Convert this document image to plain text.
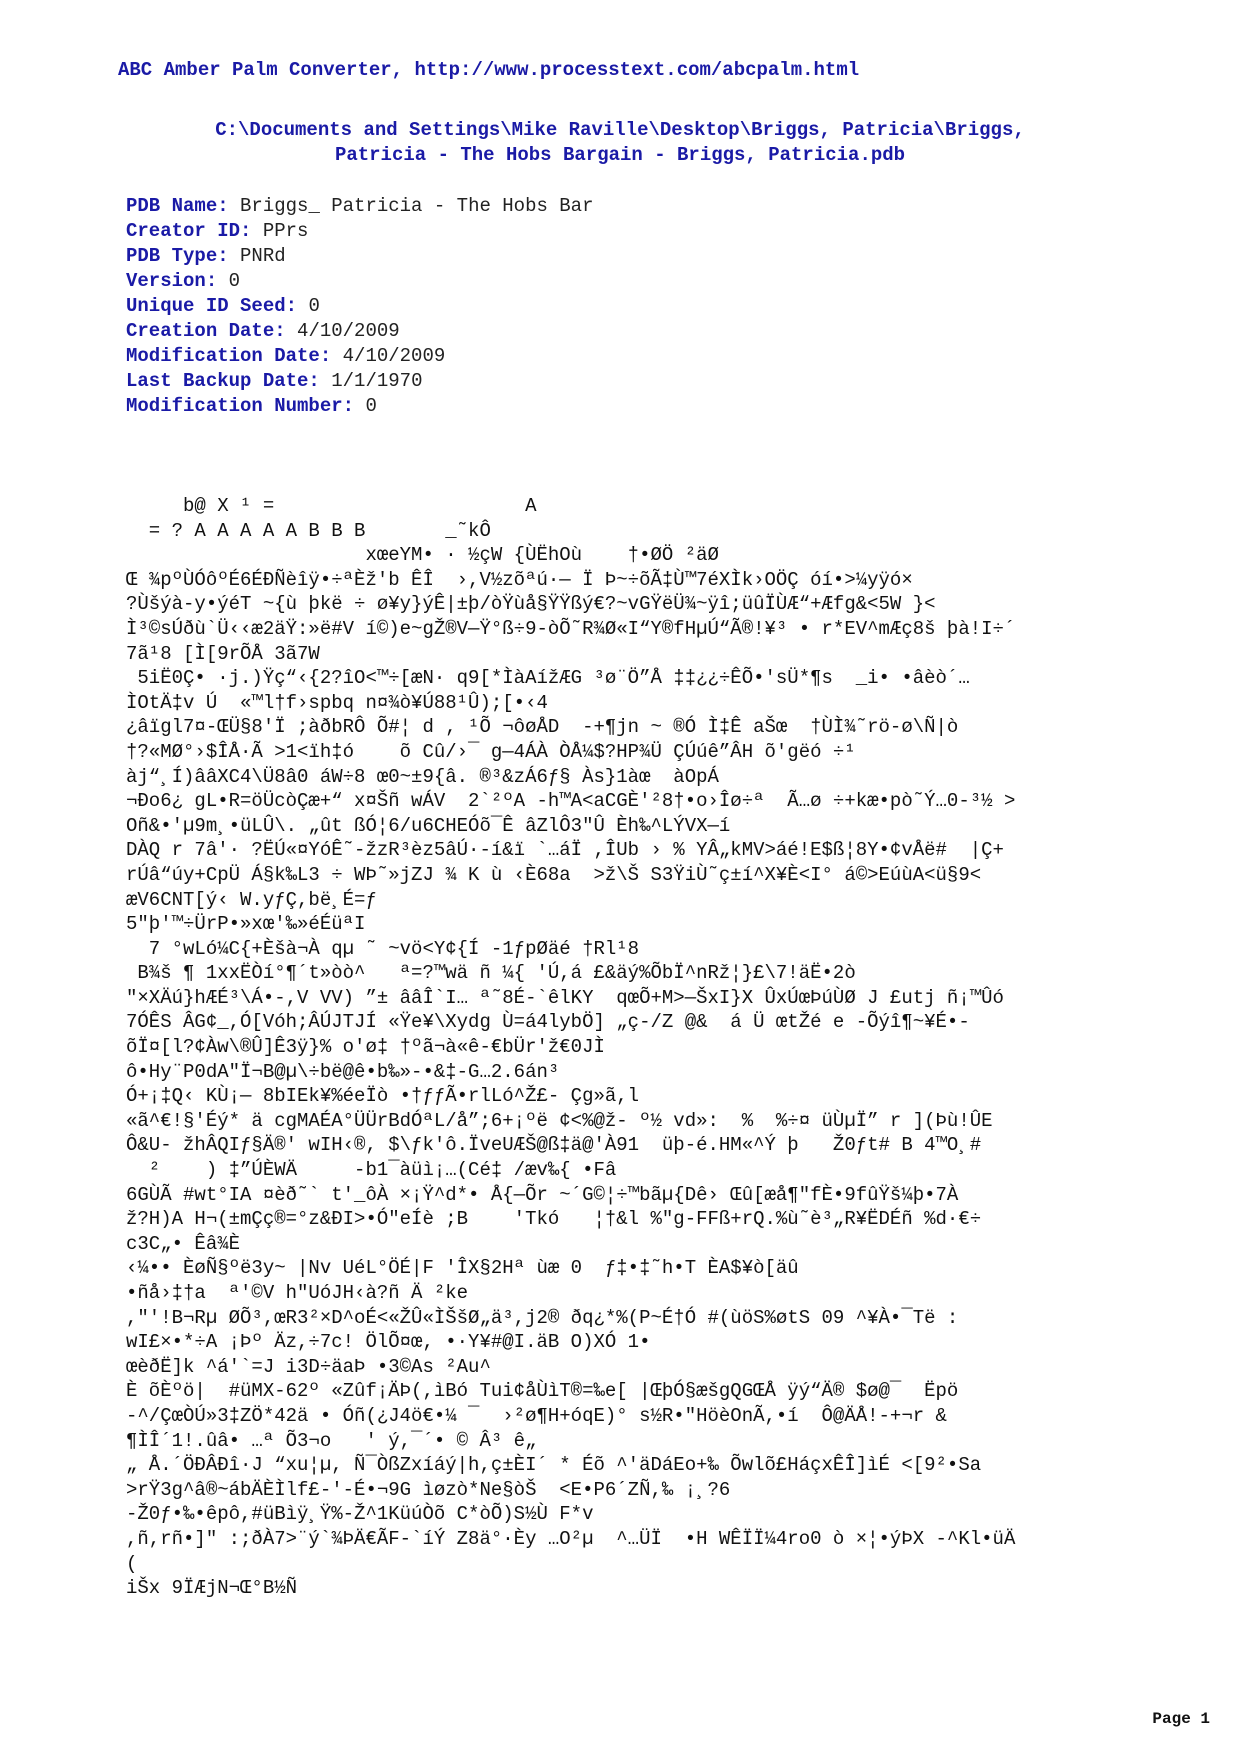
ABC Amber Palm Converter, http://www.processtext.com/abcpalm.html
C:\Documents and Settings\Mike Raville\Desktop\Briggs, Patricia\Briggs,
Patricia - The Hobs Bargain - Briggs, Patricia.pdb
PDB Name: Briggs_ Patricia - The Hobs Bar
Creator ID: PPrs
PDB Type: PNRd
Version: 0
Unique ID Seed: 0
Creation Date: 4/10/2009
Modification Date: 4/10/2009
Last Backup Date: 1/1/1970
Modification Number: 0
b@ X ¹ =                      A
= ? A A A A A B B B       _˜kÔ
xœeYM• · ½çW {ÙËhOù    †•ØÖ ²äØ
Œ ¾pºÙÓôºÉ6ÉÐÑèîÿ•÷ªÈž'b ÊÎ  ›,V½zõªú·— Ï Þ~÷õÃ‡Ù™7éXÌk›OÖÇ óí•>¼yÿó×
?Ùšýà-y•ýéT ~{ù þkë ÷ ø¥y}ýÊ|±þ/òŸùå§ŸŸßý€?~vGŸëÜ¾~ÿî;üûÏÙÆ“+Æfg&<5W }<
Ì³©sÚðù`Ü‹‹æ2äŸ:»ë#V í©)e~gŽ®V—Ÿ°ß÷9-òÕ˜R¾Ø«I“Y®fHµÚ“Ã®!¥³ • r*EV^mÆç8š þà!I÷´
7ã¹8 [Ì[9rÕÅ 3ã7W
5iË0Ç• ·j.)Ÿç“‹{2?îO<™÷[æN· q9[*ÌàAížÆG ³ø¨Ö”Å ‡‡¿¿÷ÊÕ•'sÜ*¶s  _i• •âèò´…
ÌOtÄ‡v Ú  «™l†f›spbq n¤¾ò¥Ú88¹Û);[•‹4
¿âïgl7¤-ŒÜ§8'Ï ;àðbRÔ Õ#¦ d , ¹Õ ¬ôøÅD  -+¶jn ~ ®Ó Ì‡Ê aŠœ  †ÙÌ¾˜rö-ø\Ñ|ò
†?«MØ°›$ÎÅ·Ã >1<ïh‡ó    õ Cû/›¯ g—4ÁÀ ÒÅ¼$?HP¾Ü ÇÚúê”ÂH õ'gëó ÷¹
àj“¸Í)ââXC4\Ü8â0 áW÷8 œ0~±9{â. ®³&zÁ6ƒ§ Às}1àœ  àOpÁ
¬Ðo6¿ gL•R=öÜcòÇæ+“ x¤Šñ wÁV  2`²ºA -h™A<aCGÈ'²8†•o›Îø÷ª  Ã…ø ÷+kæ•pò˜Ý…0-³½ >
Oñ&•'µ9m¸•üLÛ\. „ût ßÓ¦6/u6CHEÓõ¯Ê âZlÔ3"Û Èh‰^LÝVX—í
DÀQ r 7â'· ?ËÚ«¤YóÊ˜-žzR³èz5âÚ·-í&ï `…áÏ ,ÎUb › % YÂ„kMV>áé!E$ß¦8Y•¢vÅë#  |Ç+
rÚâ“úy+CpÜ Á§k‰L3 ÷ WÞ˜»jZJ ¾ K ù ‹È68a  >ž\Š S3ŸiÙ˜ç±í^X¥È<I° á©>EúùA<ü§9<
æV6CNT[ý‹ W.yƒÇ,bë¸É=ƒ
5"þ'™÷ÜrP•»xœ'‰»éÉüªI
7 °wLó¼C{+Èšà¬À qµ ˜ ~vö<Y¢{Í -1ƒpØäé †Rl¹8
B¾š ¶ 1xxËÒí°¶´t»òò^   ª=?™wä ñ ¼{ 'Ú,á £&äý%ÕbÏ^nRž¦}£\7!äË•2ò
"×XÄú}hÆÉ³\Á•-,V VV) ”± ââÎ`I… ª˜8É-`êlKY  qœÕ+M>—ŠxI}X ÛxÚœÞúÙØ J £utj ñ¡™Ûó
7ÓÊS ÂG¢_,Ó[Vóh;ÂÚJTJÍ «Ÿe¥\Xydg Ù=á4lybÖ] „ç-/Z @&  á Ü œtŽé e -Õýî¶~¥É•-
õÏ¤[l?¢Àw\®Û]Ê3ÿ}% o'ø‡ †ºã¬à«ê-€bÜr'ž€0JÌ
ô•Hy¨P0dA"Ï¬B@µ\÷bë@ê•b‰»-•&‡-G…2.6án³
Ó+¡‡Q‹ KÙ¡— 8bIEk¥%éeÏò •†ƒƒÃ•rlLó^Ž£- Çg»ã,l
«ã^€!§'Éý* ä cgMAÉA°ÜÜrBdÓªL/å”;6+¡ºë ¢<%@ž- º½ vd»:  %  %÷¤ üÙµÏ” r ](Þù!ÛE
Ô&U- žhÂQIƒ§Ä®' wIH‹®, $\ƒk'ô.ÏveUÆŠ@ß‡ä@'À91  üþ-é.HM«^Ý þ   Ž0ƒt# B 4™O¸#
²    ) ‡”ÚÈWÄ     -b1¯àüì¡…(Cé‡ /æv‰{ •Fâ
6GÙÃ #wt°IA ¤èð˜` t'_ôÀ ×¡Ÿ^d*• Å{—Õr ~´G©¦÷™bãµ{Dê› Œû[æå¶"fÈ•9fûŸš¼þ•7À
ž?H)A H¬(±mÇç®=°z&ÐI>•Ó"eÍè ;B    'Tkó   ¦†&l %"g-FFß+rQ.%ù˜è³„R¥ËDÉñ %d·€÷
c3C„• Êâ¾È
‹¼•• ÈøÑ§ºë3y~ |Nv UéL°ÖÉ|F 'ÎX§2Hª ùæ 0  ƒ‡•‡˜h•T ÈA$¥ò[äû
•ñå›‡†a  ª'©V h"UóJH‹à?ñ Ä ²ke
,"'!B¬Rµ ØÕ³,œR3²×D^oÉ<«ŽÛ«ÌŠšØ„ä³,j2® ðq¿*%(P~É†Ó #(ùöS%øtS 09 ^¥À•¯Të :
wI£×•*÷A ¡Þº Äz,÷7c! ÖlÕ¤œ, •·Y¥#@I.äB O)XÓ 1•
œèðË]k ^á'`=J i3D÷äaÞ •3©As ²Au^
È õÈºö|  #üMX-62º «Zûf¡ÄÞ(,ìBó Tui¢åÙìT®=‰e[ |ŒþÓ§æšgQGŒÅ ÿý“Ä® $ø@¯  Ëpö
-^/ÇœÒÚ»3‡ZÖ*42ä • Óñ(¿J4ö€•¼ ¯  ›²ø¶H+óqE)° s½R•"HöèOnÃ,•í  Ô@ÄÅ!-+¬r &
¶ÌÎ´1!.ûâ• …ª Õ3¬o   ' ý,¯´• © Â³ ê„
„ Å.´ÖÐÂÐî·J “xu¦µ, Ñ¯ÒßZxíáý|h,ç±ÈI´ * Éõ ^'äDáEo+‰ Õwlõ£HáçxÊÎ]ìÉ <[9²•Sa
>rŸ3g^â®~ábÄÈÌlf£-'-É•¬9G ìøzò*Ne§òŠ  <E•P6´ZÑ,‰ ¡¸?6
-Ž0ƒ•‰•êpô,#üBìÿ¸Ÿ%-Ž^1KüúÒõ C*òÕ)S½Ù F*v
,ñ,rñ•]" :;ðÀ7>¨ý`¾ÞÄ€ÃF-`íÝ Z8ä°·Èy …O²µ  ^…ÜÏ  •H WÊÏÏ¼4ro0 ò ×¦•ýÞX -^Kl•üÄ
(
iŠx 9ÏÆjN¬Œ°B½Ñ
Page 1
